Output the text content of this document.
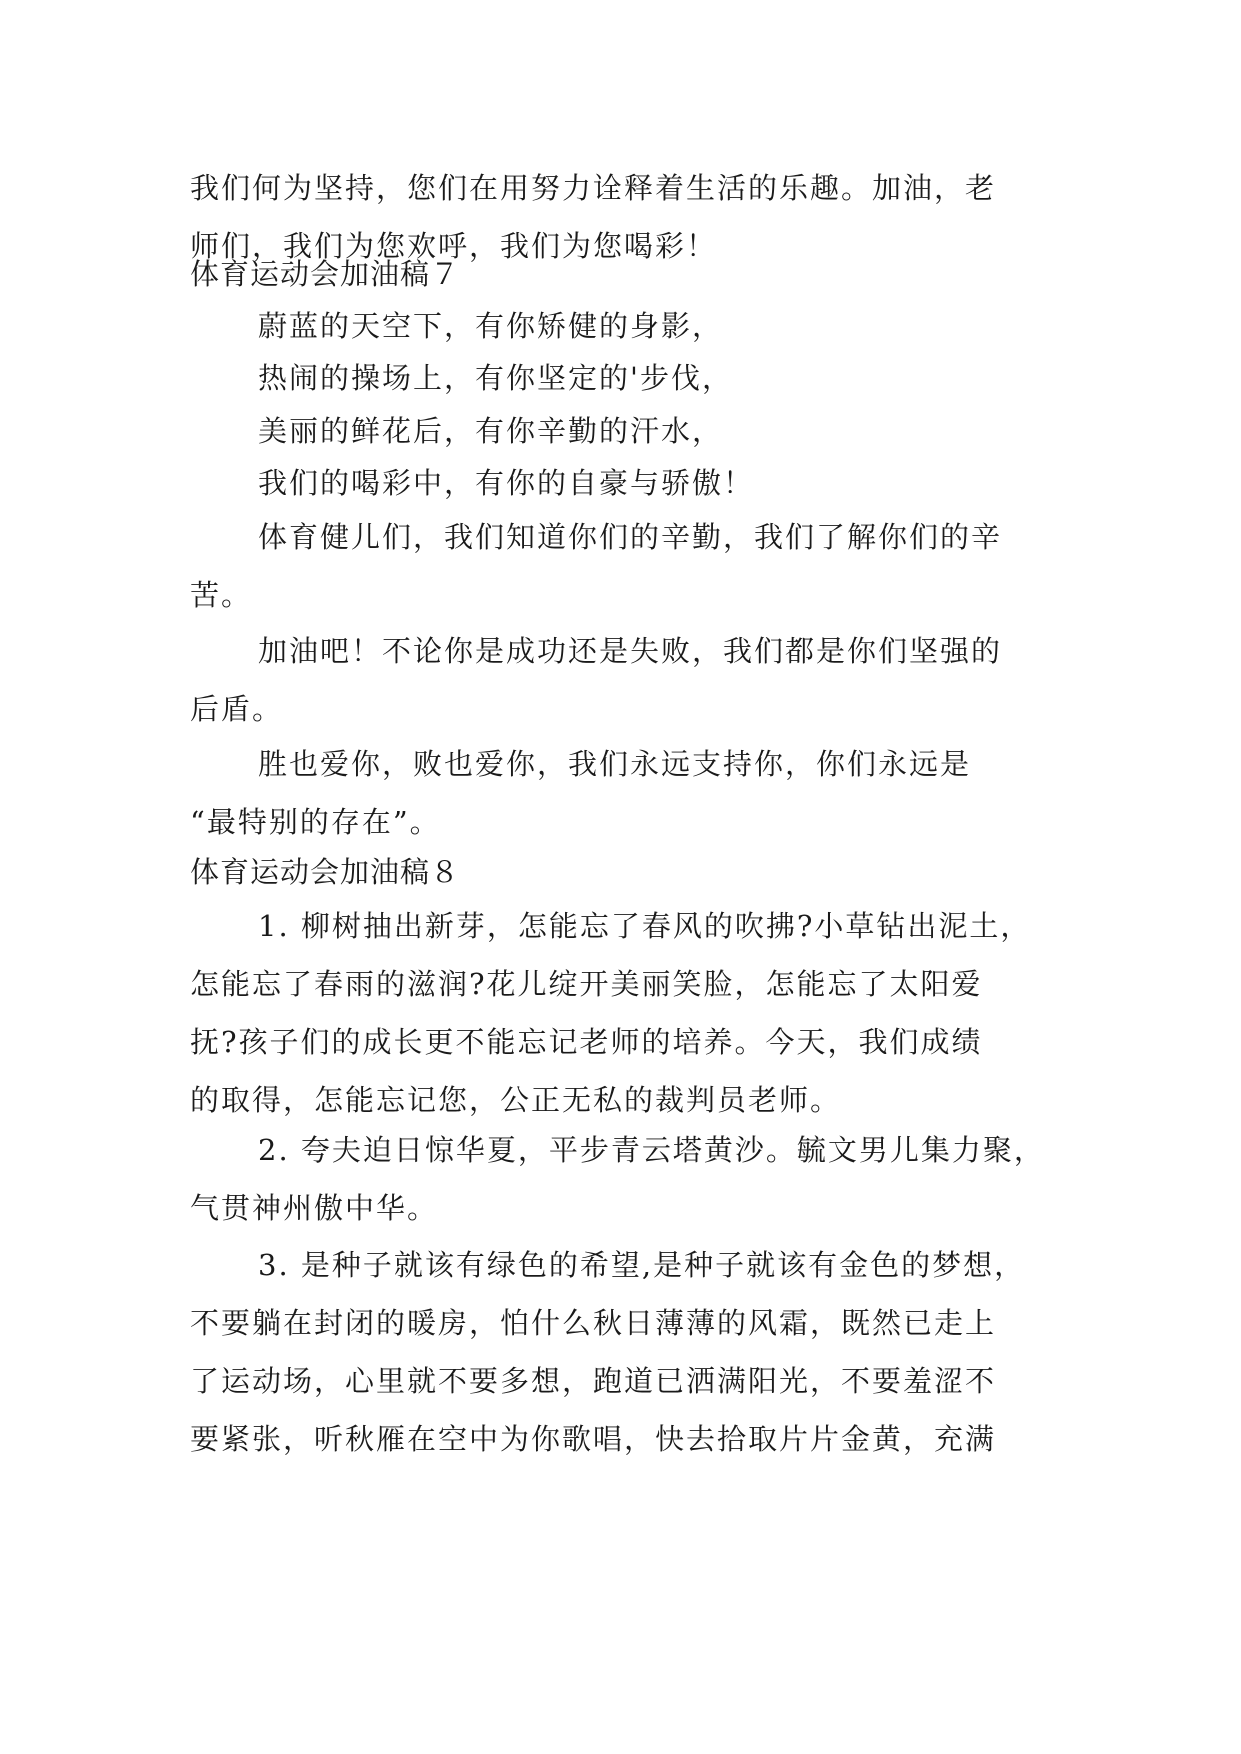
我们何为坚持，您们在用努力诠释着生活的乐趣。加油，老
师们，我们为您欢呼，我们为您喝彩！
体育运动会加油稿７
蔚蓝的天空下，有你矫健的身影，
热闹的操场上，有你坚定的'步伐，
美丽的鲜花后，有你辛勤的汗水，
我们的喝彩中，有你的自豪与骄傲！
体育健儿们，我们知道你们的辛勤，我们了解你们的辛
苦。
加油吧！不论你是成功还是失败，我们都是你们坚强的
后盾。
胜也爱你，败也爱你，我们永远支持你，你们永远是
“最特别的存在”。
体育运动会加油稿８
1. 柳树抽出新芽，怎能忘了春风的吹拂?小草钻出泥土，
怎能忘了春雨的滋润?花儿绽开美丽笑脸，怎能忘了太阳爱
抚?孩子们的成长更不能忘记老师的培养。今天，我们成绩
的取得，怎能忘记您，公正无私的裁判员老师。
2. 夸夫迫日惊华夏，平步青云塔黄沙。毓文男儿集力聚，
气贯神州傲中华。
3. 是种子就该有绿色的希望,是种子就该有金色的梦想，
不要躺在封闭的暖房，怕什么秋日薄薄的风霜，既然已走上
了运动场，心里就不要多想，跑道已洒满阳光，不要羞涩不
要紧张，听秋雁在空中为你歌唱，快去拾取片片金黄，充满
